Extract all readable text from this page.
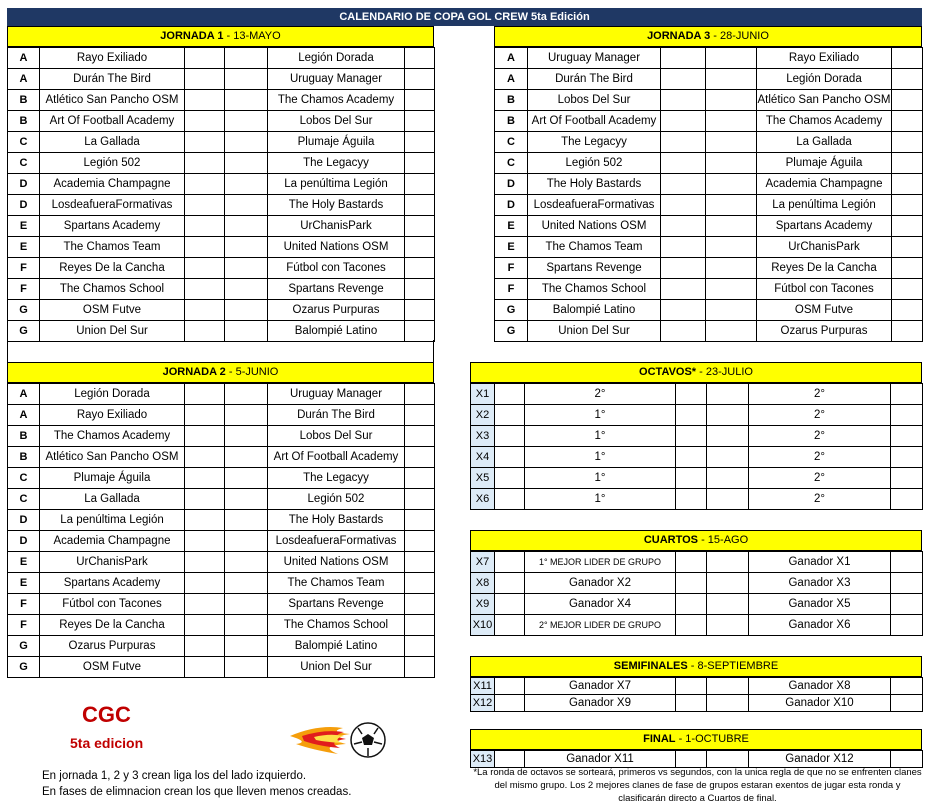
CALENDARIO DE COPA GOL CREW 5ta Edición
JORNADA 1 - 13-MAYO
A	Rayo Exiliado			Legión Dorada	
A	Durán The Bird			Uruguay Manager	
B	Atlético San Pancho OSM			The Chamos Academy	
B	Art Of Football Academy			Lobos Del Sur	
C	La Gallada			Plumaje Águila	
C	Legión 502			The Legacyy	
D	Academia Champagne			La penúltima Legión	
D	LosdeafueraFormativas			The Holy Bastards	
E	Spartans Academy			UrChanisPark	
E	The Chamos Team			United Nations OSM	
F	Reyes De la Cancha			Fútbol con Tacones	
F	The Chamos School			Spartans Revenge	
G	OSM Futve			Ozarus Purpuras	
G	Union Del Sur			Balompié Latino	
JORNADA 2 - 5-JUNIO
A	Legión Dorada			Uruguay Manager	
A	Rayo Exiliado			Durán The Bird	
B	The Chamos Academy			Lobos Del Sur	
B	Atlético San Pancho OSM			Art Of Football Academy	
C	Plumaje Águila			The Legacyy	
C	La Gallada			Legión 502	
D	La penúltima Legión			The Holy Bastards	
D	Academia Champagne			LosdeafueraFormativas	
E	UrChanisPark			United Nations OSM	
E	Spartans Academy			The Chamos Team	
F	Fútbol con Tacones			Spartans Revenge	
F	Reyes De la Cancha			The Chamos School	
G	Ozarus Purpuras			Balompié Latino	
G	OSM Futve			Union Del Sur	
JORNADA 3 - 28-JUNIO
A	Uruguay Manager			Rayo Exiliado	
A	Durán The Bird			Legión Dorada	
B	Lobos Del Sur			Atlético San Pancho OSM	
B	Art Of Football Academy			The Chamos Academy	
C	The Legacyy			La Gallada	
C	Legión 502			Plumaje Águila	
D	The Holy Bastards			Academia Champagne	
D	LosdeafueraFormativas			La penúltima Legión	
E	United Nations OSM			Spartans Academy	
E	The Chamos Team			UrChanisPark	
F	Spartans Revenge			Reyes De la Cancha	
F	The Chamos School			Fútbol con Tacones	
G	Balompié Latino			OSM Futve	
G	Union Del Sur			Ozarus Purpuras	
OCTAVOS* - 23-JULIO
X1		2°			2°	
X2		1°			2°	
X3		1°			2°	
X4		1°			2°	
X5		1°			2°	
X6		1°			2°	
CUARTOS - 15-AGO
X7		1° MEJOR LIDER DE GRUPO			Ganador X1	
X8		Ganador X2			Ganador X3	
X9		Ganador X4			Ganador X5	
X10		2° MEJOR LIDER DE GRUPO			Ganador X6	
SEMIFINALES - 8-SEPTIEMBRE
X11		Ganador X7			Ganador X8	
X12		Ganador X9			Ganador X10	
FINAL - 1-OCTUBRE
X13		Ganador X11			Ganador X12	
CGC
5ta edicion
En jornada 1, 2 y 3 crean liga los del lado izquierdo.
En fases de elimnacion crean los que lleven menos creadas.
*La ronda de octavos se sorteará, primeros vs segundos, con la unica regla de que no se enfrenten clanes del mismo grupo. Los 2 mejores clanes de fase de grupos estaran exentos de jugar esta ronda y clasificarán directo a Cuartos de final.
